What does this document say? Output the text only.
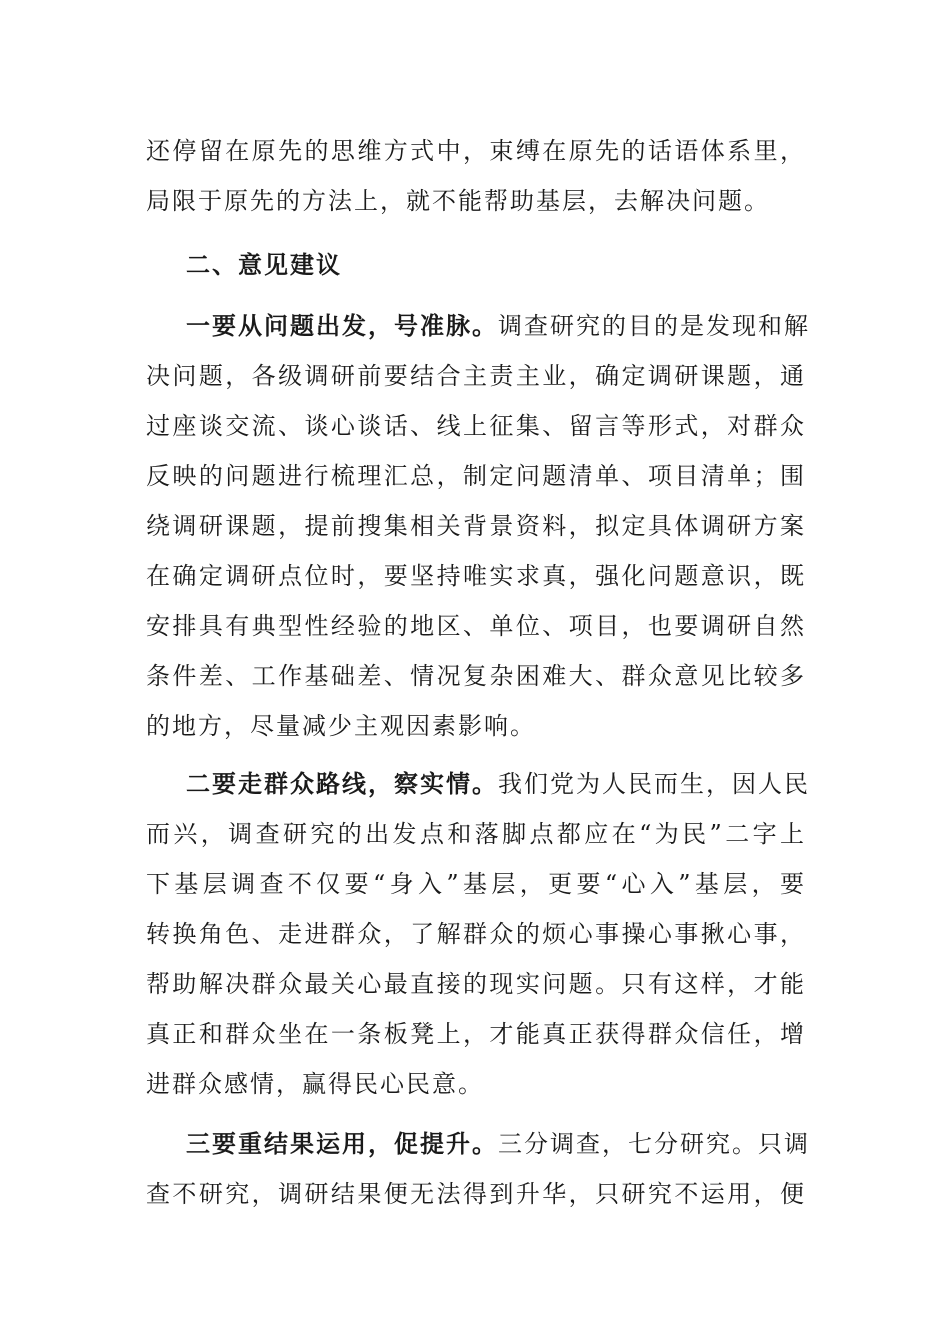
还停留在原先的思维方式中，束缚在原先的话语体系里，
局限于原先的方法上，就不能帮助基层，去解决问题。
二、意见建议
一要从问题出发，号准脉。调查研究的目的是发现和解
决问题，各级调研前要结合主责主业，确定调研课题，通
过座谈交流、谈心谈话、线上征集、留言等形式，对群众
反映的问题进行梳理汇总，制定问题清单、项目清单；围
绕调研课题，提前搜集相关背景资料，拟定具体调研方案
在确定调研点位时，要坚持唯实求真，强化问题意识，既
安排具有典型性经验的地区、单位、项目，也要调研自然
条件差、工作基础差、情况复杂困难大、群众意见比较多
的地方，尽量减少主观因素影响。
二要走群众路线，察实情。我们党为人民而生，因人民
而兴，调查研究的出发点和落脚点都应在“为民”二字上
下基层调查不仅要“身入”基层，更要“心入”基层，要
转换角色、走进群众，了解群众的烦心事操心事揪心事，
帮助解决群众最关心最直接的现实问题。只有这样，才能
真正和群众坐在一条板凳上，才能真正获得群众信任，增
进群众感情，赢得民心民意。
三要重结果运用，促提升。三分调查，七分研究。只调
查不研究，调研结果便无法得到升华，只研究不运用，便
